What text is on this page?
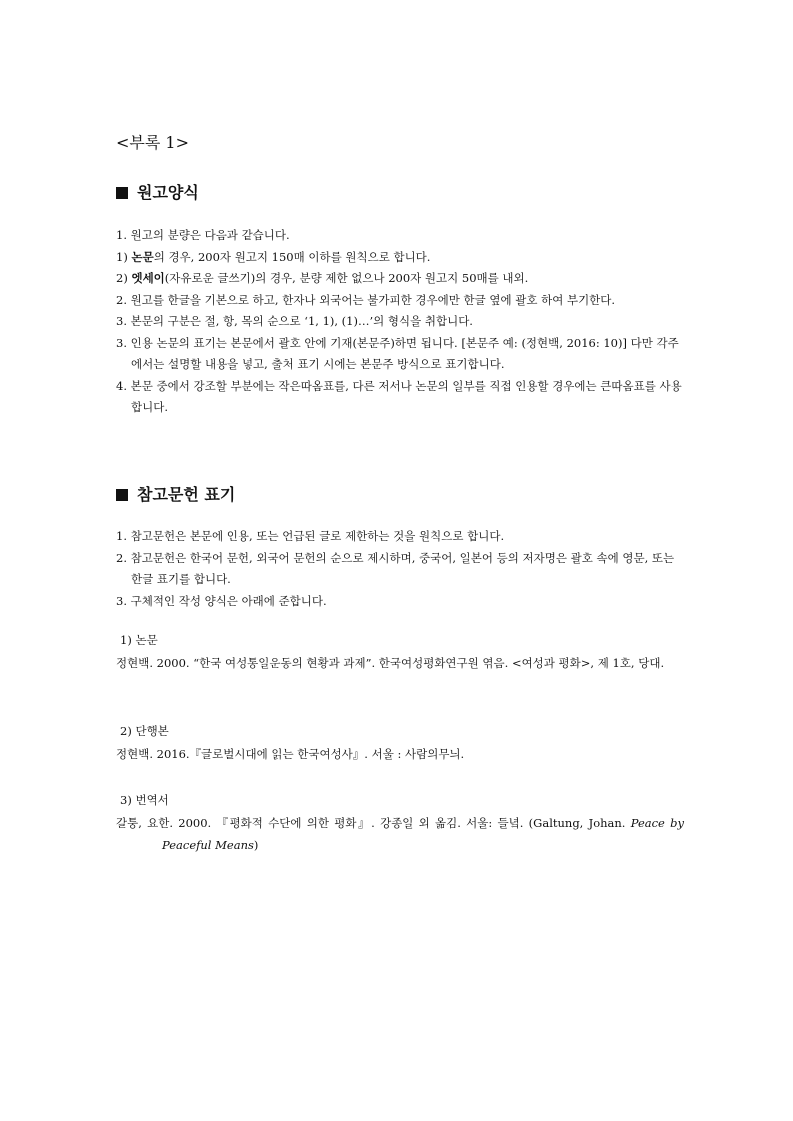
<부록 1>
원고양식
1. 원고의 분량은 다음과 같습니다.
1) 논문의 경우, 200자 원고지 150매 이하를 원칙으로 합니다.
2) 엣세이(자유로운 글쓰기)의 경우, 분량 제한 없으나 200자 원고지 50매를 내외.
2. 원고를 한글을 기본으로 하고, 한자나 외국어는 불가피한 경우에만 한글 옆에 괄호 하여 부기한다.
3. 본문의 구분은 절, 항, 목의 순으로 ‘1, 1), (1)…’의 형식을 취합니다.
3. 인용 논문의 표기는 본문에서 괄호 안에 기재(본문주)하면 됩니다. [본문주 예: (정현백, 2016: 10)] 다만 각주에서는 설명할 내용을 넣고, 출처 표기 시에는 본문주 방식으로 표기합니다.
4. 본문 중에서 강조할 부분에는 작은따옴표를, 다른 저서나 논문의 일부를 직접 인용할 경우에는 큰따옴표를 사용합니다.
참고문헌 표기
1. 참고문헌은 본문에 인용, 또는 언급된 글로 제한하는 것을 원칙으로 합니다.
2. 참고문헌은 한국어 문헌, 외국어 문헌의 순으로 제시하며, 중국어, 일본어 등의 저자명은 괄호 속에 영문, 또는 한글 표기를 합니다.
3. 구체적인 작성 양식은 아래에 준합니다.
1) 논문
정현백. 2000. “한국 여성통일운동의 현황과 과제”. 한국여성평화연구원 엮음. <여성과 평화>, 제 1호, 당대.
2) 단행본
정현백. 2016.『글로벌시대에 읽는 한국여성사』. 서울 : 사람의무늬.
3) 번역서
갈퉁, 요한. 2000. 『평화적 수단에 의한 평화』. 강종일 외 옮김. 서울: 들녘. (Galtung, Johan. Peace by Peaceful Means)
